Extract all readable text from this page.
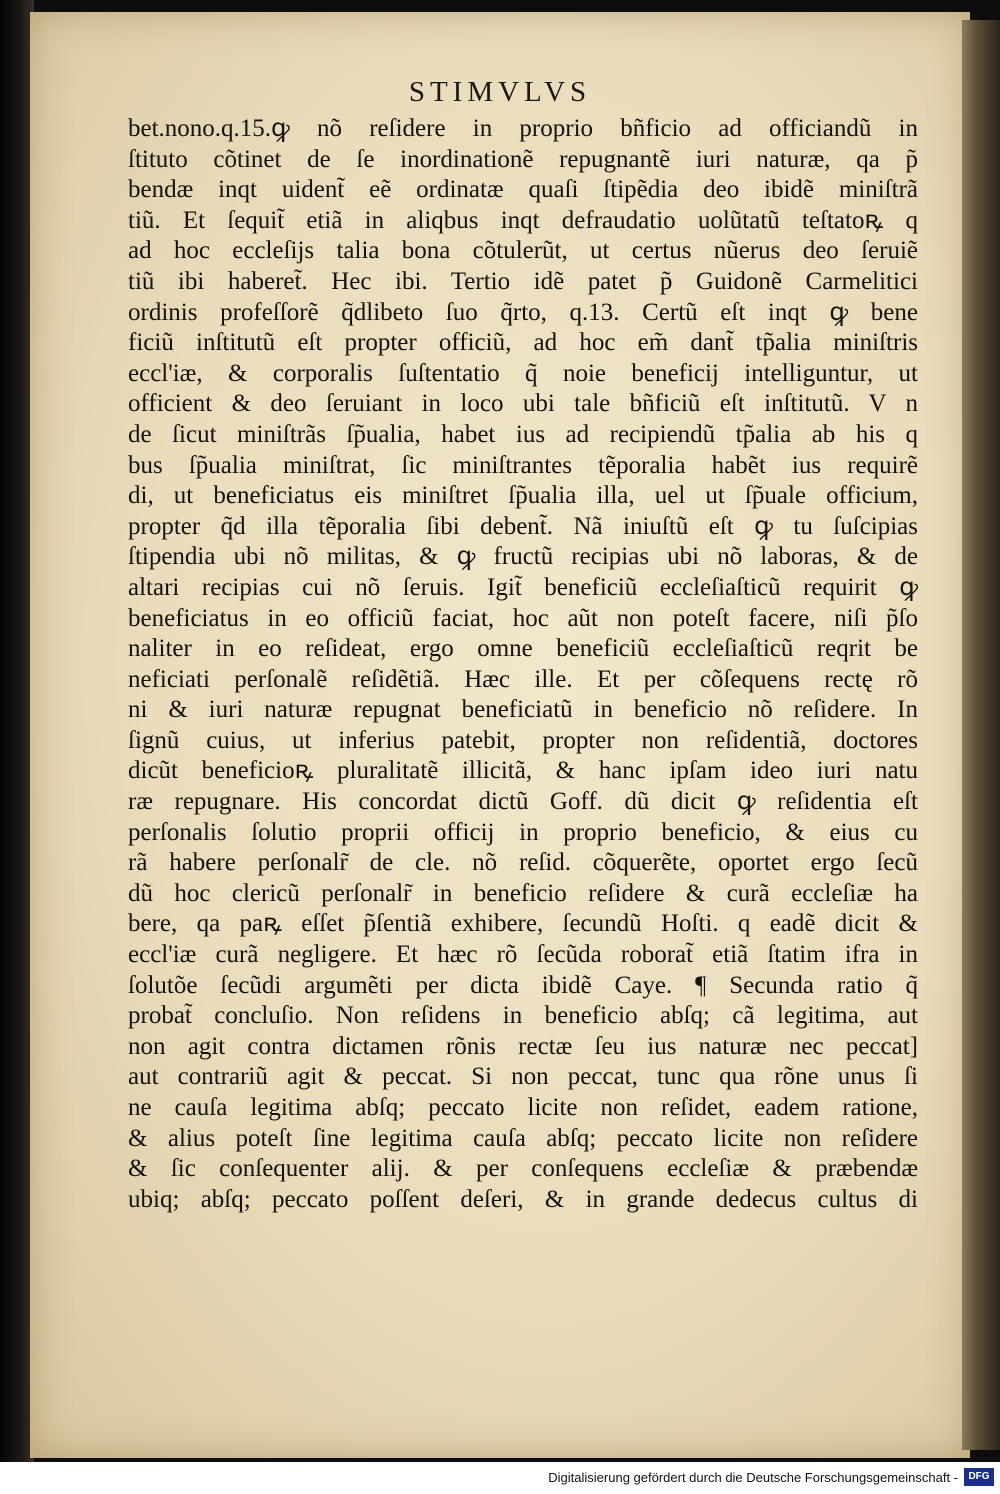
STIMVLVS
bet.nono.q.15.ꝙ nõ reſidere in proprio bñficio ad officiandũ in
ſtituto cõtinet de ſe inordinationẽ repugnantẽ iuri naturæ, qa p̃
bendæ inqt uident̃ eẽ ordinatæ quaſi ſtipẽdia deo ibidẽ miniſtrã
tiũ. Et ſequit̃ etiã in aliqbus inqt defraudatio uolũtatũ teſtatoꝶ q
ad hoc eccleſijs talia bona cõtulerũt, ut certus nũerus deo ſeruiẽ
tiũ ibi haberet̃. Hec ibi. Tertio idẽ patet p̃ Guidonẽ Carmelitici
ordinis profeſſorẽ q̃dlibeto ſuo q̃rto, q.13. Certũ eſt inqt ꝙ bene
ficiũ inſtitutũ eſt propter officiũ, ad hoc em̃ dant̃ tp̃alia miniſtris
eccl'iæ, & corporalis ſuſtentatio q̃ noie beneficij intelliguntur, ut
officient & deo ſeruiant in loco ubi tale bñficiũ eſt inſtitutũ. V n
de ſicut miniſtrãs ſp̃ualia, habet ius ad recipiendũ tp̃alia ab his q
bus ſp̃ualia miniſtrat, ſic miniſtrantes tẽporalia habẽt ius requirẽ
di, ut beneficiatus eis miniſtret ſp̃ualia illa, uel ut ſp̃uale officium,
propter q̃d illa tẽporalia ſibi debent̃. Nã iniuſtũ eſt ꝙ tu ſuſcipias
ſtipendia ubi nõ militas, & ꝙ fructũ recipias ubi nõ laboras, & de
altari recipias cui nõ ſeruis. Igit̃ beneficiũ eccleſiaſticũ requirit ꝙ
beneficiatus in eo officiũ faciat, hoc aũt non poteſt facere, niſi p̃ſo
naliter in eo reſideat, ergo omne beneficiũ eccleſiaſticũ reqrit be
neficiati perſonalẽ reſidẽtiã. Hæc ille. Et per cõſequens rectę rõ
ni & iuri naturæ repugnat beneficiatũ in beneficio nõ reſidere. In
ſignũ cuius, ut inferius patebit, propter non reſidentiã, doctores
dicũt beneficioꝶ pluralitatẽ illicitã, & hanc ipſam ideo iuri natu
ræ repugnare. His concordat dictũ Goff. dũ dicit ꝙ reſidentia eſt
perſonalis ſolutio proprii officij in proprio beneficio, & eius cu
rã habere perſonalr̃ de cle. nõ reſid. cõquerẽte, oportet ergo ſecũ
dũ hoc clericũ perſonalr̃ in beneficio reſidere & curã eccleſiæ ha
bere, qa paꝶ eſſet p̃ſentiã exhibere, ſecundũ Hoſti. q eadẽ dicit &
eccl'iæ curã negligere. Et hæc rõ ſecũda roborat̃ etiã ſtatim ifra in
ſolutõe ſecũdi argumẽti per dicta ibidẽ Caye. ¶ Secunda ratio q̃
probat̃ concluſio. Non reſidens in beneficio abſq; cã legitima, aut
non agit contra dictamen rõnis rectæ ſeu ius naturæ nec peccat]
aut contrariũ agit & peccat. Si non peccat, tunc qua rõne unus ſi
ne cauſa legitima abſq; peccato licite non reſidet, eadem ratione,
& alius poteſt ſine legitima cauſa abſq; peccato licite non reſidere
& ſic conſequenter alij. & per conſequens eccleſiæ & præbendæ
ubiq; abſq; peccato poſſent deſeri, & in grande dedecus cultus di
Digitalisierung gefördert durch die Deutsche Forschungsgemeinschaft -	DFG
